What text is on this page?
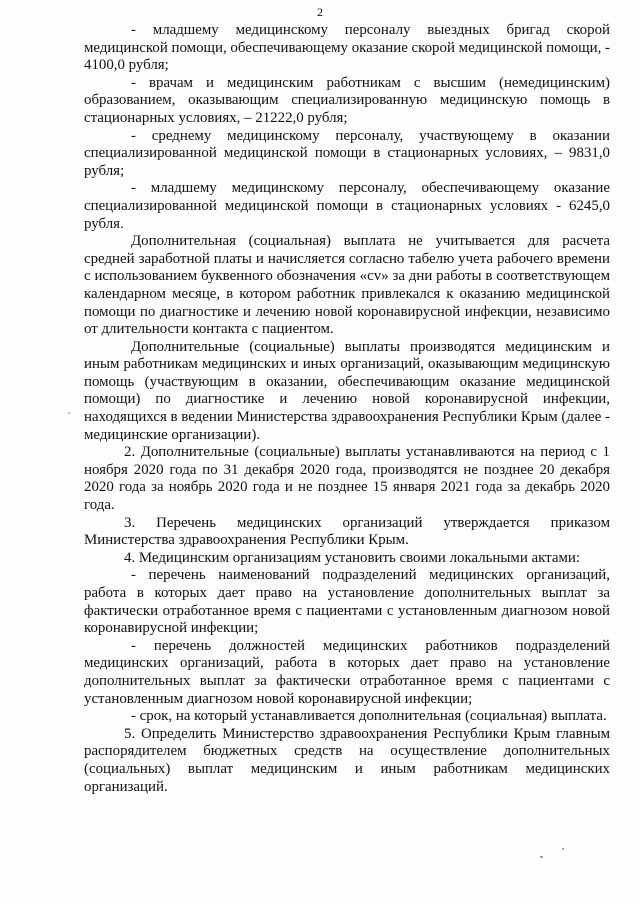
2

- младшему медицинскому персоналу выездных бригад скорой медицинской помощи, обеспечивающему оказание скорой медицинской помощи, - 4100,0 рубля;

- врачам и медицинским работникам с высшим (немедицинским) образованием, оказывающим специализированную медицинскую помощь в стационарных условиях, – 21222,0 рубля;

- среднему медицинскому персоналу, участвующему в оказании специализированной медицинской помощи в стационарных условиях, – 9831,0 рубля;

- младшему медицинскому персоналу, обеспечивающему оказание специализированной медицинской помощи в стационарных условиях - 6245,0 рубля.

Дополнительная (социальная) выплата не учитывается для расчета средней заработной платы и начисляется согласно табелю учета рабочего времени с использованием буквенного обозначения «cv» за дни работы в соответствующем календарном месяце, в котором работник привлекался к оказанию медицинской помощи по диагностике и лечению новой коронавирусной инфекции, независимо от длительности контакта с пациентом.

Дополнительные (социальные) выплаты производятся медицинским и иным работникам медицинских и иных организаций, оказывающим медицинскую помощь (участвующим в оказании, обеспечивающим оказание медицинской помощи) по диагностике и лечению новой коронавирусной инфекции, находящихся в ведении Министерства здравоохранения Республики Крым (далее - медицинские организации).

2. Дополнительные (социальные) выплаты устанавливаются на период с 1 ноября 2020 года по 31 декабря 2020 года, производятся не позднее 20 декабря 2020 года за ноябрь 2020 года и не позднее 15 января 2021 года за декабрь 2020 года.

3. Перечень медицинских организаций утверждается приказом Министерства здравоохранения Республики Крым.

4. Медицинским организациям установить своими локальными актами:

- перечень наименований подразделений медицинских организаций, работа в которых дает право на установление дополнительных выплат за фактически отработанное время с пациентами с установленным диагнозом новой коронавирусной инфекции;

- перечень должностей медицинских работников подразделений медицинских организаций, работа в которых дает право на установление дополнительных выплат за фактически отработанное время с пациентами с установленным диагнозом новой коронавирусной инфекции;

- срок, на который устанавливается дополнительная (социальная) выплата.

5. Определить Министерство здравоохранения Республики Крым главным распорядителем бюджетных средств на осуществление дополнительных (социальных) выплат медицинским и иным работникам медицинских организаций.
